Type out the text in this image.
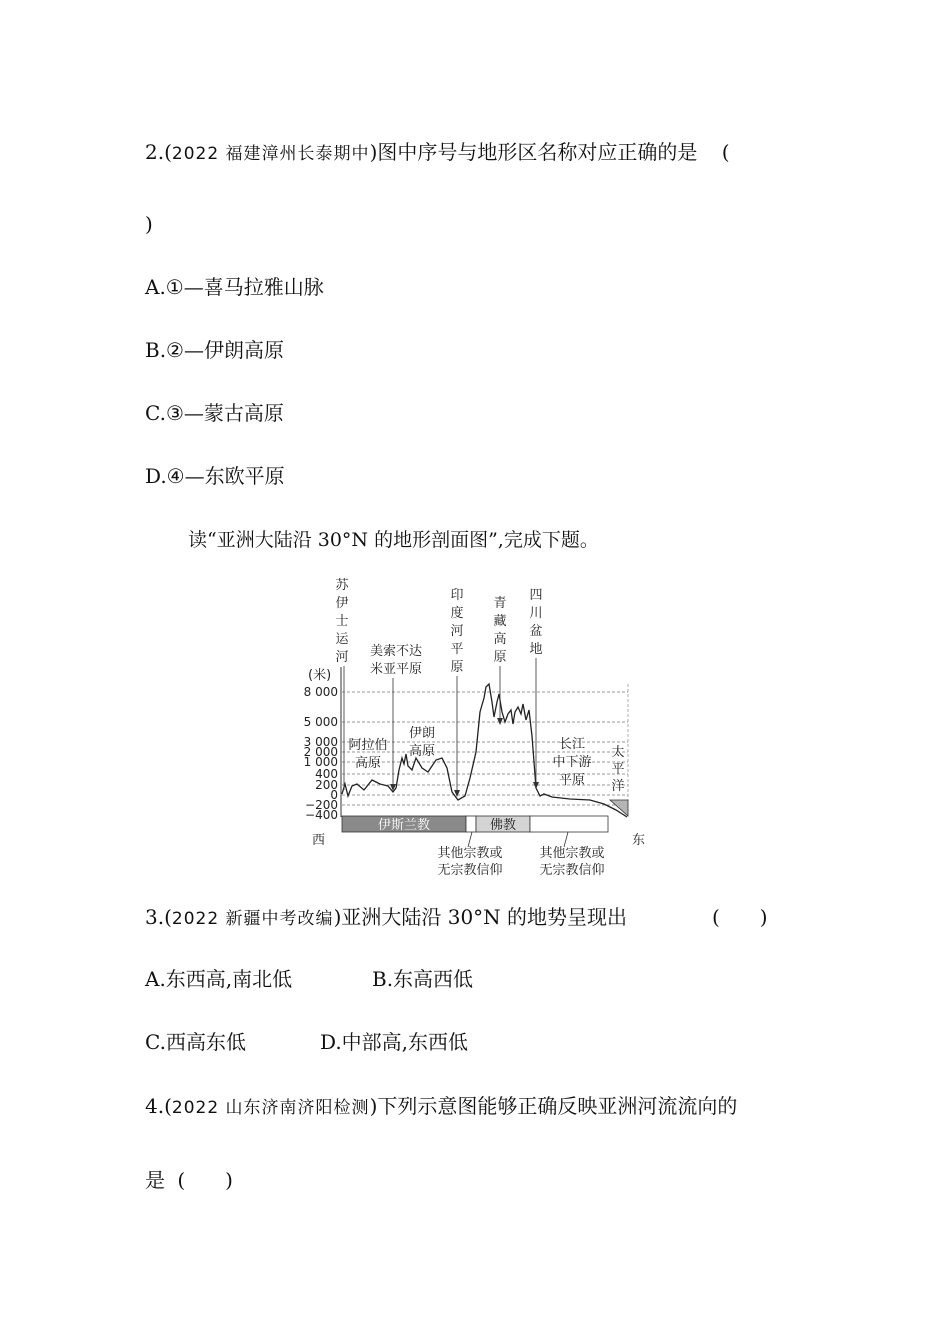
2.(2022 福建漳州长泰期中)图中序号与地形区名称对应正确的是 (
)
A.①—喜马拉雅山脉
B.②—伊朗高原
C.③—蒙古高原
D.④—东欧平原
读“亚洲大陆沿 30°N 的地形剖面图”,完成下题。
(米)
8 000
5 000
3 000
2 000
1 000
400
200
0
−200
−400
伊斯兰教	佛教
西	东
其他宗教或
无宗教信仰
其他宗教或
无宗教信仰
苏
伊
士
运
河
印
度
河
平
原
青
藏
高
原
四
川
盆
地
美索不达
米亚平原
阿拉伯
高原
伊朗
高原	长江
中下游
平原
太
平
洋
3.(2022 新疆中考改编)亚洲大陆沿 30°N 的地势呈现出	(　　)
A.东西高,南北低	B.东高西低
C.西高东低	D.中部高,东西低
4.(2022 山东济南济阳检测)下列示意图能够正确反映亚洲河流流向的
是 (　　)
